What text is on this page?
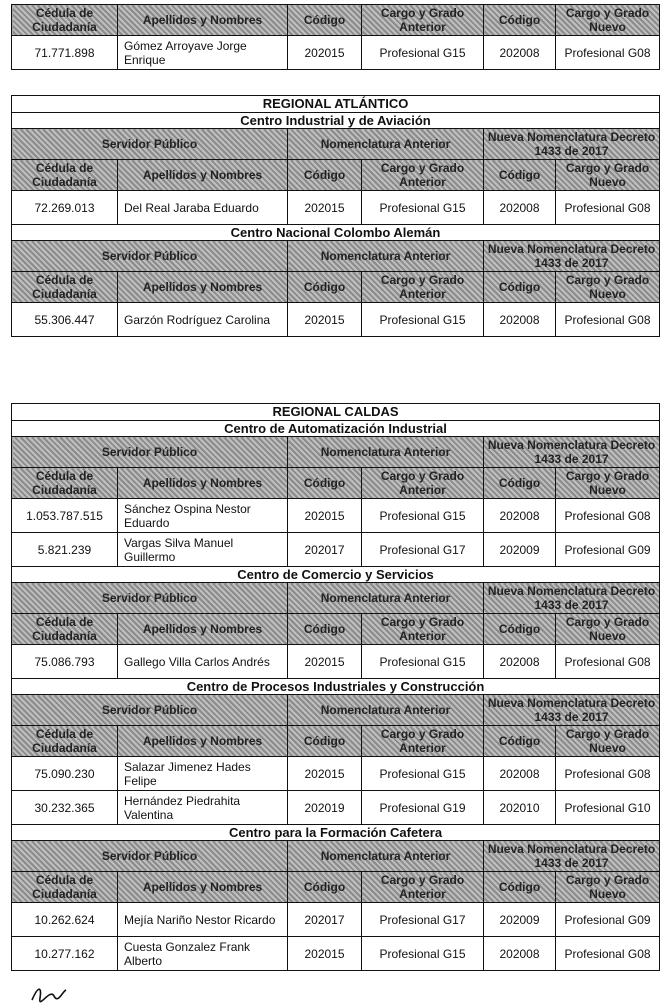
Cédula de Ciudadanía	Apellidos y Nombres	Código	Cargo y Grado Anterior	Código	Cargo y Grado Nuevo
71.771.898	Gómez Arroyave Jorge Enrique	202015	Profesional G15	202008	Profesional G08
REGIONAL ATLÁNTICO					
Centro Industrial y de Aviación					
Servidor Público		Nomenclatura Anterior		Nueva Nomenclatura Decreto 1433 de 2017	
Cédula de Ciudadanía	Apellidos y Nombres	Código	Cargo y Grado Anterior	Código	Cargo y Grado Nuevo
72.269.013	Del Real Jaraba Eduardo	202015	Profesional G15	202008	Profesional G08
Centro Nacional Colombo Alemán					
Servidor Público		Nomenclatura Anterior		Nueva Nomenclatura Decreto 1433 de 2017	
Cédula de Ciudadanía	Apellidos y Nombres	Código	Cargo y Grado Anterior	Código	Cargo y Grado Nuevo
55.306.447	Garzón Rodríguez Carolina	202015	Profesional G15	202008	Profesional G08
REGIONAL CALDAS					
Centro de Automatización Industrial					
Servidor Público		Nomenclatura Anterior		Nueva Nomenclatura Decreto 1433 de 2017	
Cédula de Ciudadanía	Apellidos y Nombres	Código	Cargo y Grado Anterior	Código	Cargo y Grado Nuevo
1.053.787.515	Sánchez Ospina Nestor Eduardo	202015	Profesional G15	202008	Profesional G08
5.821.239	Vargas Silva Manuel Guillermo	202017	Profesional G17	202009	Profesional G09
Centro de Comercio y Servicios					
Servidor Público		Nomenclatura Anterior		Nueva Nomenclatura Decreto 1433 de 2017	
Cédula de Ciudadanía	Apellidos y Nombres	Código	Cargo y Grado Anterior	Código	Cargo y Grado Nuevo
75.086.793	Gallego Villa Carlos Andrés	202015	Profesional G15	202008	Profesional G08
Centro de Procesos Industriales y Construcción					
Servidor Público		Nomenclatura Anterior		Nueva Nomenclatura Decreto 1433 de 2017	
Cédula de Ciudadanía	Apellidos y Nombres	Código	Cargo y Grado Anterior	Código	Cargo y Grado Nuevo
75.090.230	Salazar Jimenez Hades Felipe	202015	Profesional G15	202008	Profesional G08
30.232.365	Hernández Piedrahita Valentina	202019	Profesional G19	202010	Profesional G10
Centro para la Formación Cafetera					
Servidor Público		Nomenclatura Anterior		Nueva Nomenclatura Decreto 1433 de 2017	
Cédula de Ciudadanía	Apellidos y Nombres	Código	Cargo y Grado Anterior	Código	Cargo y Grado Nuevo
10.262.624	Mejía Nariño Nestor Ricardo	202017	Profesional G17	202009	Profesional G09
10.277.162	Cuesta Gonzalez Frank Alberto	202015	Profesional G15	202008	Profesional G08
